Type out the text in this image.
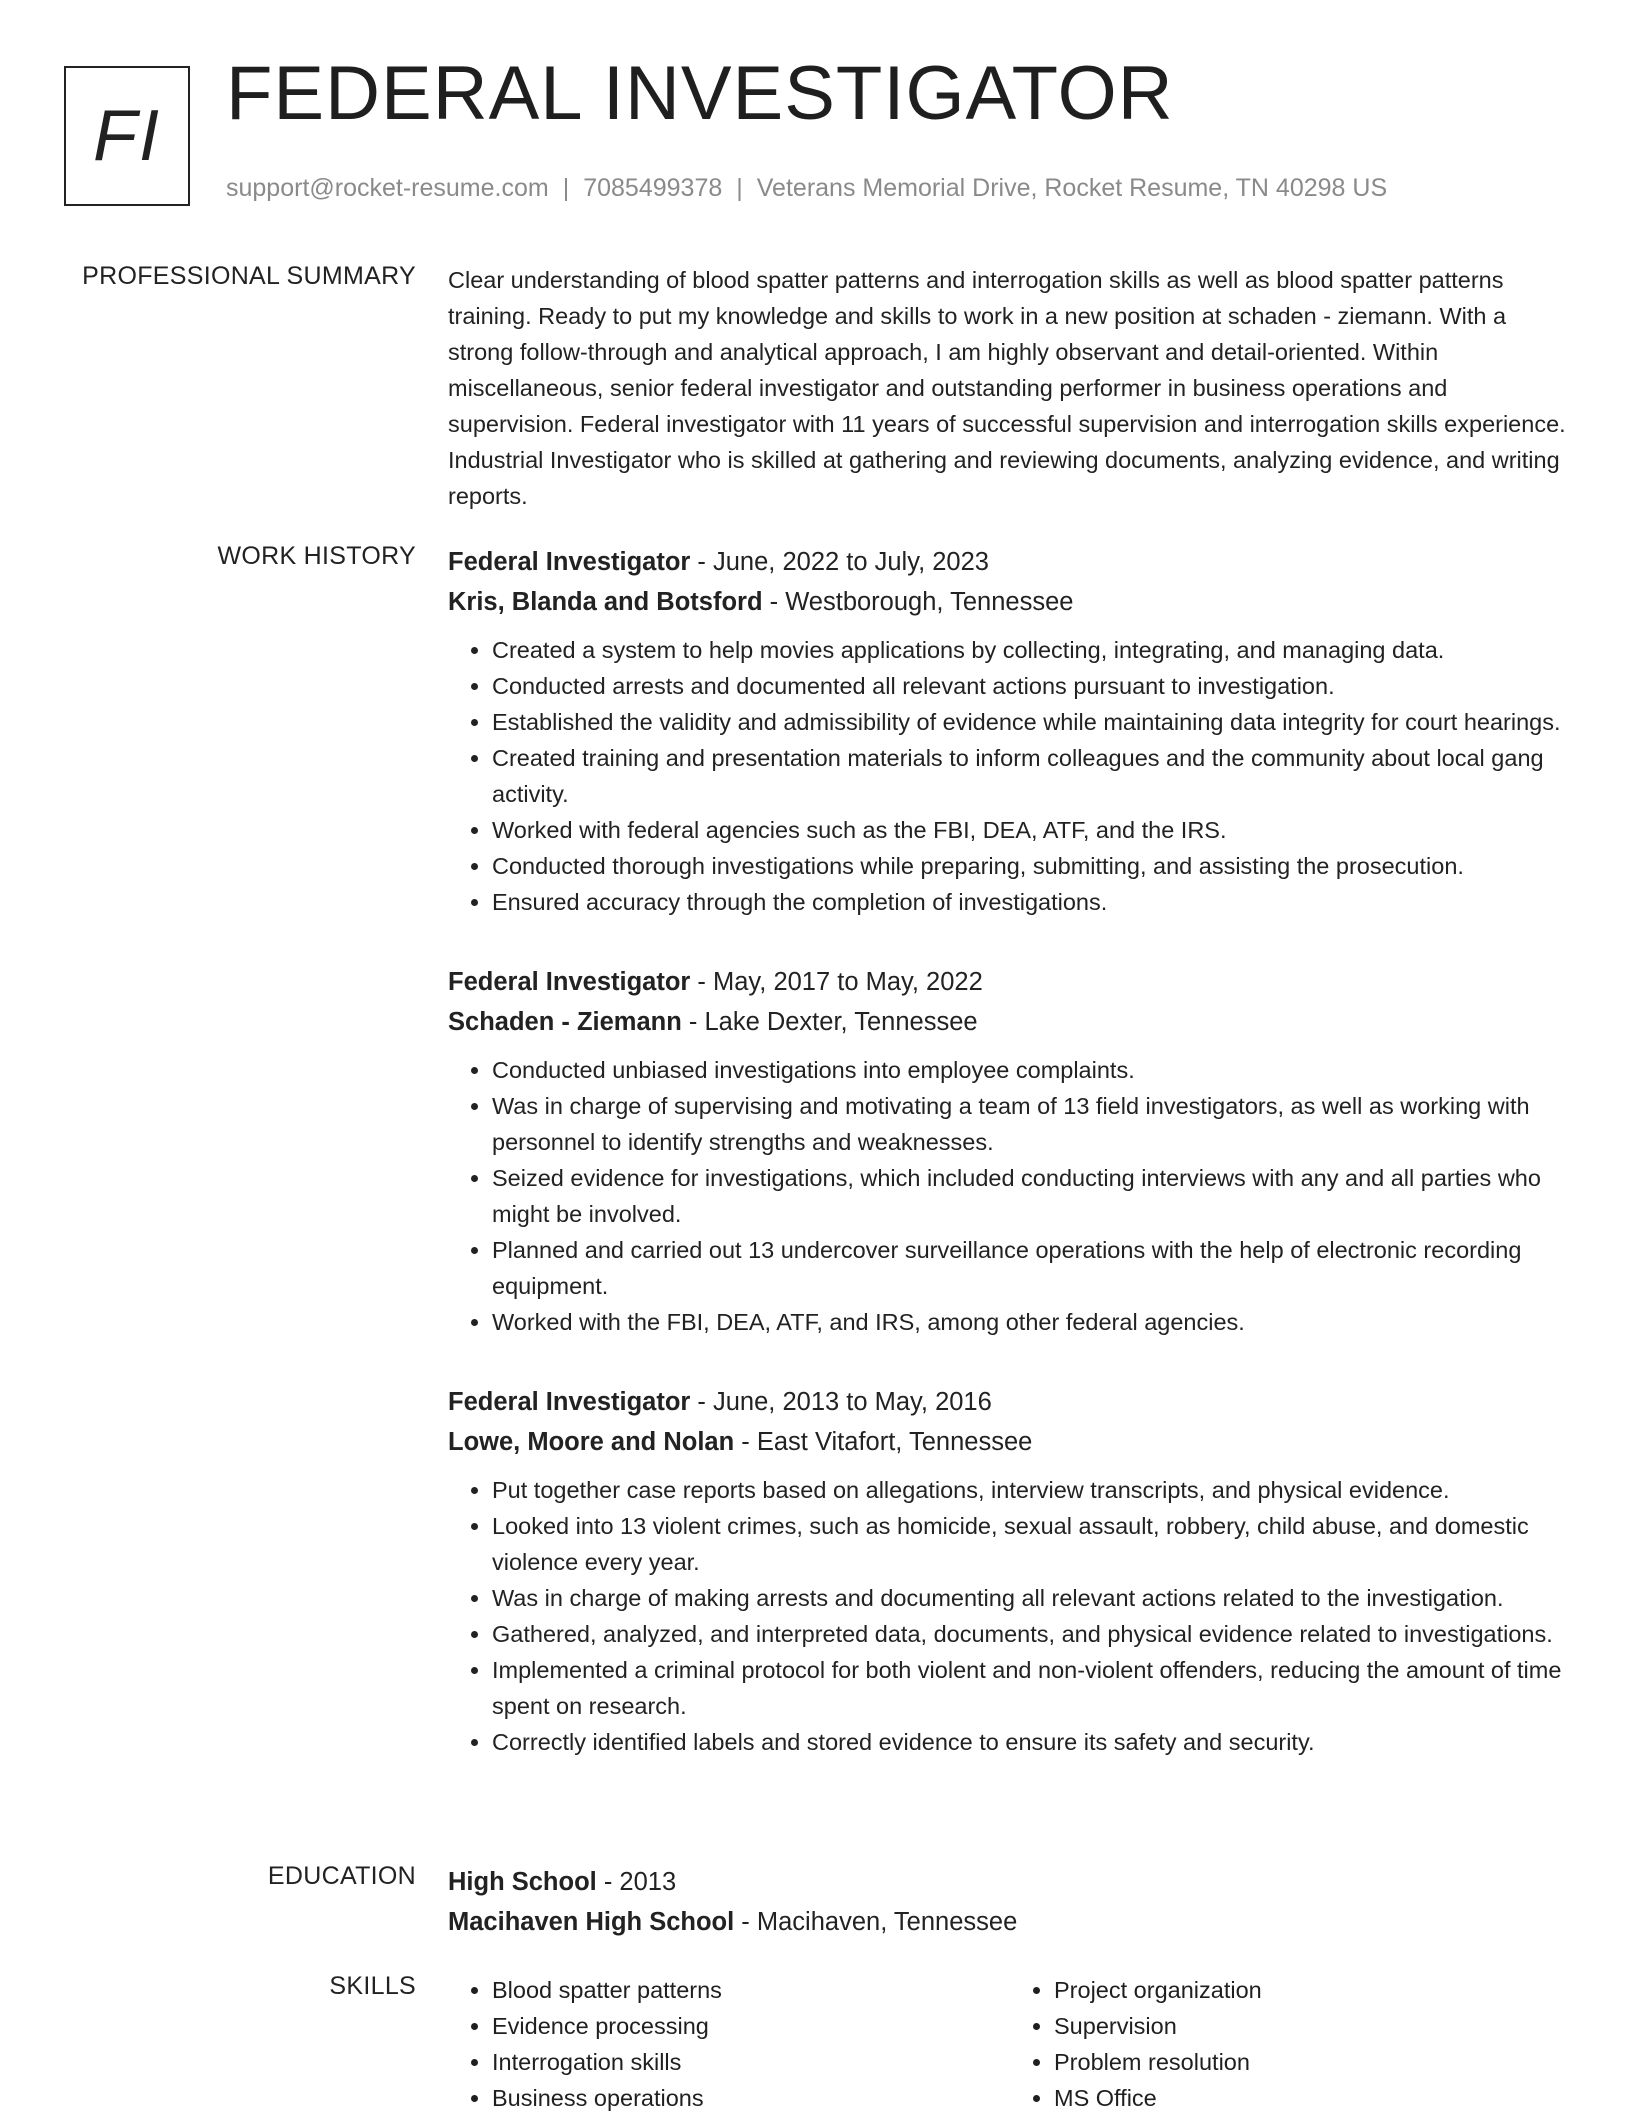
FI FEDERAL INVESTIGATOR
support@rocket-resume.com | 7085499378 | Veterans Memorial Drive, Rocket Resume, TN 40298 US
PROFESSIONAL SUMMARY Clear understanding of blood spatter patterns and interrogation skills as well as blood spatter patterns training. Ready to put my knowledge and skills to work in a new position at schaden - ziemann. With a strong follow-through and analytical approach, I am highly observant and detail-oriented. Within miscellaneous, senior federal investigator and outstanding performer in business operations and supervision. Federal investigator with 11 years of successful supervision and interrogation skills experience. Industrial Investigator who is skilled at gathering and reviewing documents, analyzing evidence, and writing reports.

WORK HISTORY Federal Investigator - June, 2022 to July, 2023

Kris, Blanda and Botsford - Westborough, Tennessee

• Created a system to help movies applications by collecting, integrating, and managing data.
• Conducted arrests and documented all relevant actions pursuant to investigation.
• Established the validity and admissibility of evidence while maintaining data integrity for court hearings.
• Created training and presentation materials to inform colleagues and the community about local gang activity.
• Worked with federal agencies such as the FBI, DEA, ATF, and the IRS.
• Conducted thorough investigations while preparing, submitting, and assisting the prosecution.
• Ensured accuracy through the completion of investigations.

Federal Investigator - May, 2017 to May, 2022

Schaden - Ziemann - Lake Dexter, Tennessee

• Conducted unbiased investigations into employee complaints.
• Was in charge of supervising and motivating a team of 13 field investigators, as well as working with personnel to identify strengths and weaknesses.
• Seized evidence for investigations, which included conducting interviews with any and all parties who might be involved.
• Planned and carried out 13 undercover surveillance operations with the help of electronic recording equipment.
• Worked with the FBI, DEA, ATF, and IRS, among other federal agencies.

Federal Investigator - June, 2013 to May, 2016

Lowe, Moore and Nolan - East Vitafort, Tennessee

• Put together case reports based on allegations, interview transcripts, and physical evidence.
• Looked into 13 violent crimes, such as homicide, sexual assault, robbery, child abuse, and domestic violence every year.
• Was in charge of making arrests and documenting all relevant actions related to the investigation.
• Gathered, analyzed, and interpreted data, documents, and physical evidence related to investigations.
• Implemented a criminal protocol for both violent and non-violent offenders, reducing the amount of time spent on research.
• Correctly identified labels and stored evidence to ensure its safety and security.
EDUCATION High School - 2013

Macihaven High School - Macihaven, Tennessee

SKILLS
•	Blood spatter patterns
• Evidence processing
• Interrogation skills
• Business operations
• Project organization
• Supervision
• Problem resolution
• MS Office
